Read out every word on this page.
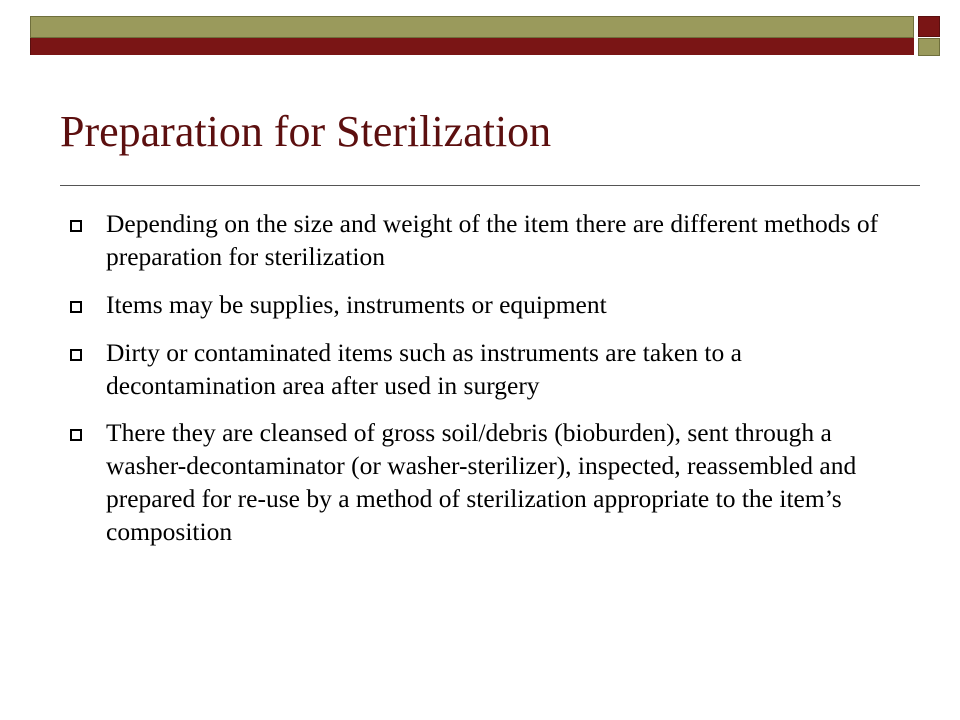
Preparation for Sterilization
Depending on the size and weight of the item there are different methods of preparation for sterilization
Items may be supplies, instruments or equipment
Dirty or contaminated items such as instruments are taken to a decontamination area after used in surgery
There they are cleansed of gross soil/debris (bioburden), sent through a washer-decontaminator (or washer-sterilizer), inspected, reassembled and prepared for re-use by a method of sterilization appropriate to the item’s composition
